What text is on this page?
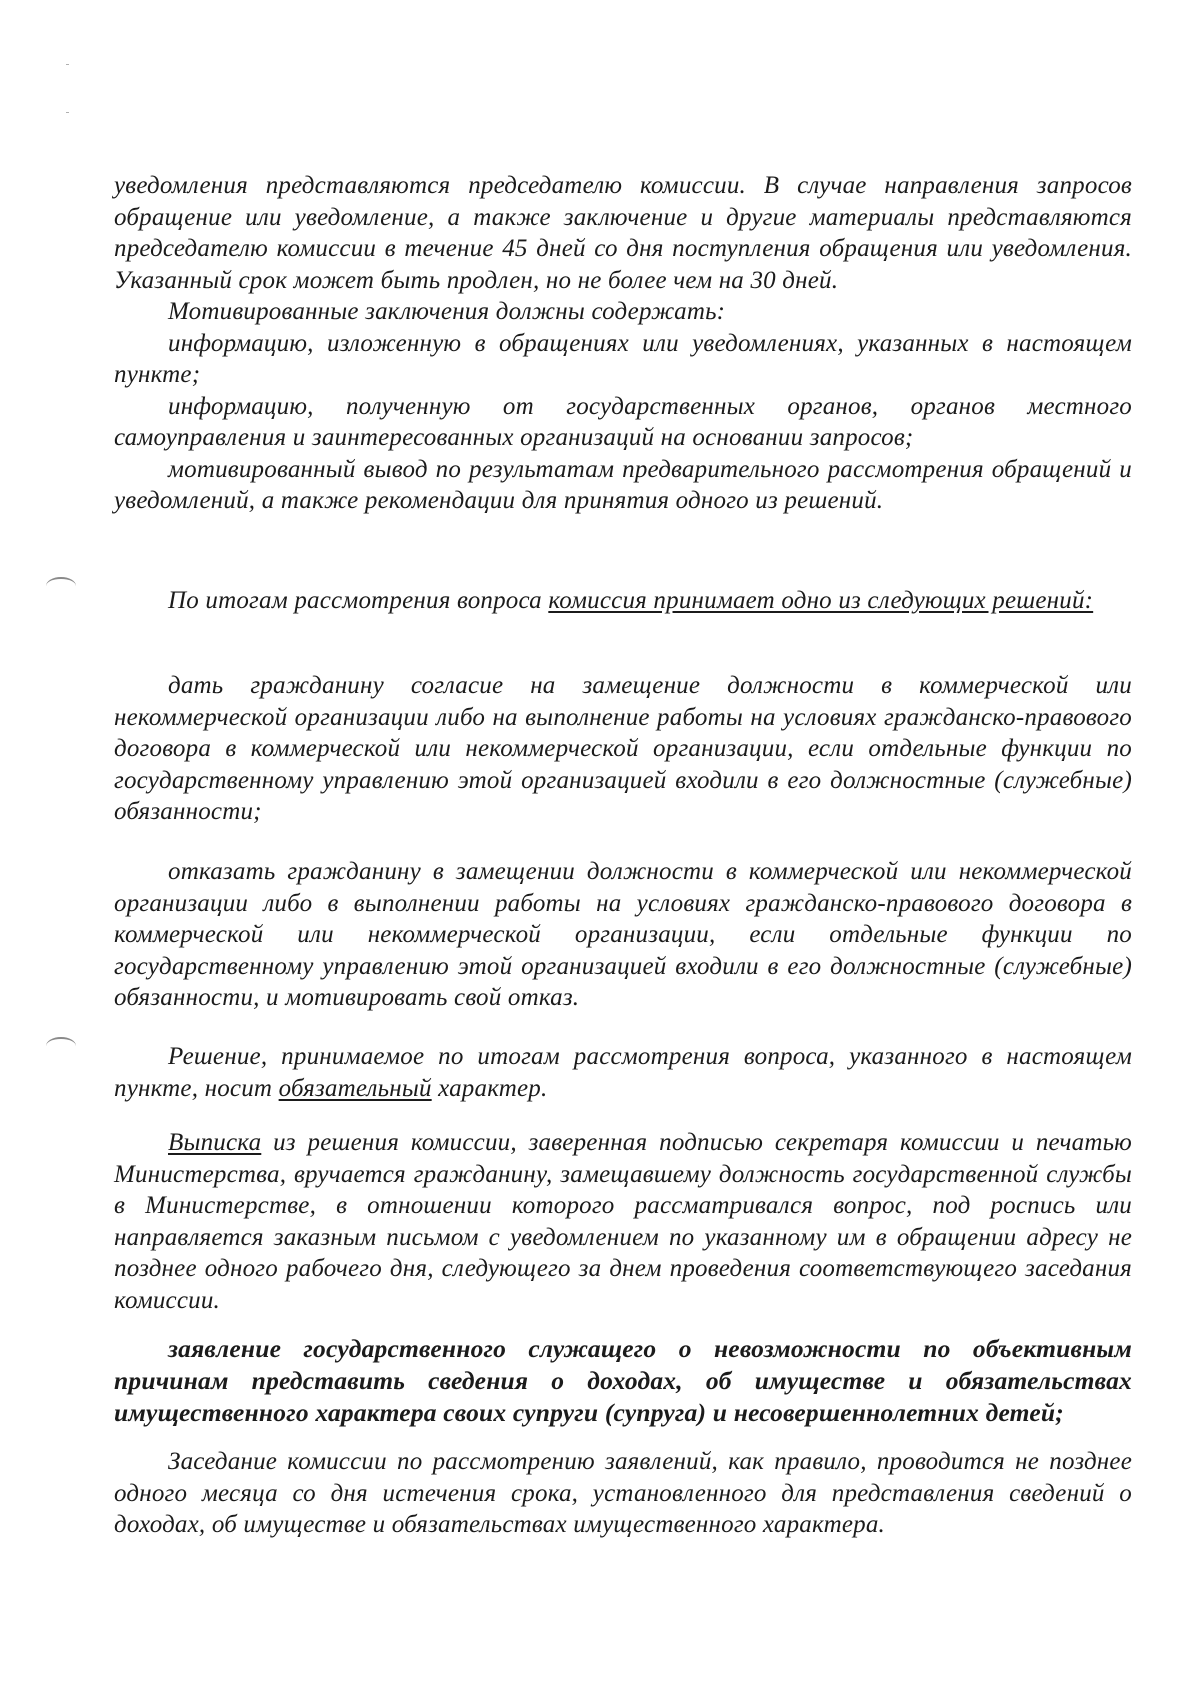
уведомления представляются председателю комиссии. В случае направления запросов обращение или уведомление, а также заключение и другие материалы представляются председателю комиссии в течение 45 дней со дня поступления обращения или уведомления. Указанный срок может быть продлен, но не более чем на 30 дней.

Мотивированные заключения должны содержать:

информацию, изложенную в обращениях или уведомлениях, указанных в настоящем пункте;

информацию, полученную от государственных органов, органов местного самоуправления и заинтересованных организаций на основании запросов;

мотивированный вывод по результатам предварительного рассмотрения обращений и уведомлений, а также рекомендации для принятия одного из решений.

По итогам рассмотрения вопроса комиссия принимает одно из следующих решений:

дать гражданину согласие на замещение должности в коммерческой или некоммерческой организации либо на выполнение работы на условиях гражданско-правового договора в коммерческой или некоммерческой организации, если отдельные функции по государственному управлению этой организацией входили в его должностные (служебные) обязанности;

отказать гражданину в замещении должности в коммерческой или некоммерческой организации либо в выполнении работы на условиях гражданско-правового договора в коммерческой или некоммерческой организации, если отдельные функции по государственному управлению этой организацией входили в его должностные (служебные) обязанности, и мотивировать свой отказ.

Решение, принимаемое по итогам рассмотрения вопроса, указанного в настоящем пункте, носит обязательный характер.

Выписка из решения комиссии, заверенная подписью секретаря комиссии и печатью Министерства, вручается гражданину, замещавшему должность государственной службы в Министерстве, в отношении которого рассматривался вопрос, под роспись или направляется заказным письмом с уведомлением по указанному им в обращении адресу не позднее одного рабочего дня, следующего за днем проведения соответствующего заседания комиссии.

заявление государственного служащего о невозможности по объективным причинам представить сведения о доходах, об имуществе и обязательствах имущественного характера своих супруги (супруга) и несовершеннолетних детей;

Заседание комиссии по рассмотрению заявлений, как правило, проводится не позднее одного месяца со дня истечения срока, установленного для представления сведений о доходах, об имуществе и обязательствах имущественного характера.
